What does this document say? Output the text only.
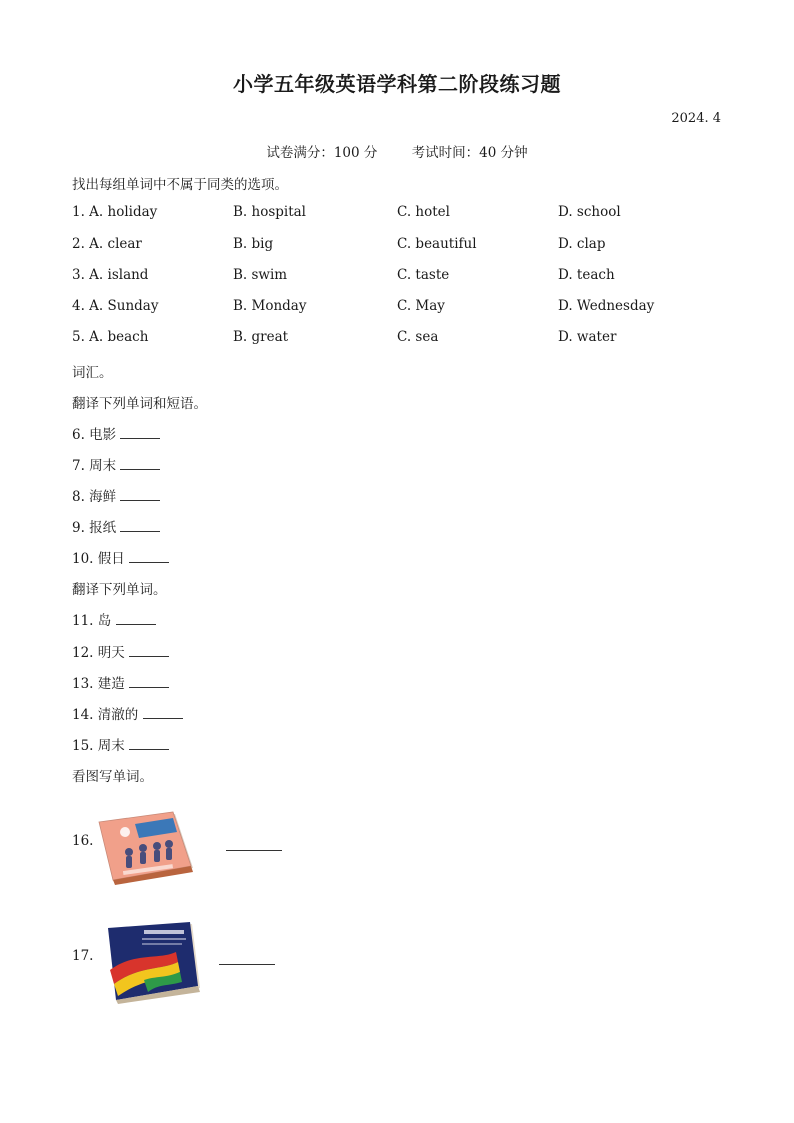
小学五年级英语学科第二阶段练习题
2024. 4
试卷满分：100 分	考试时间：40 分钟
找出每组单词中不属于同类的选项。
1. A. holiday	B. hospital	C. hotel	D. school
2. A. clear	B. big	C. beautiful	D. clap
3. A. island	B. swim	C. taste	D. teach
4. A. Sunday	B. Monday	C. May	D. Wednesday
5. A. beach	B. great	C. sea	D. water
词汇。
翻译下列单词和短语。
6. 电影
7. 周末
8. 海鲜
9. 报纸
10. 假日
翻译下列单词。
11. 岛
12. 明天
13. 建造
14. 清澈的
15. 周末
看图写单词。
16.
17.
